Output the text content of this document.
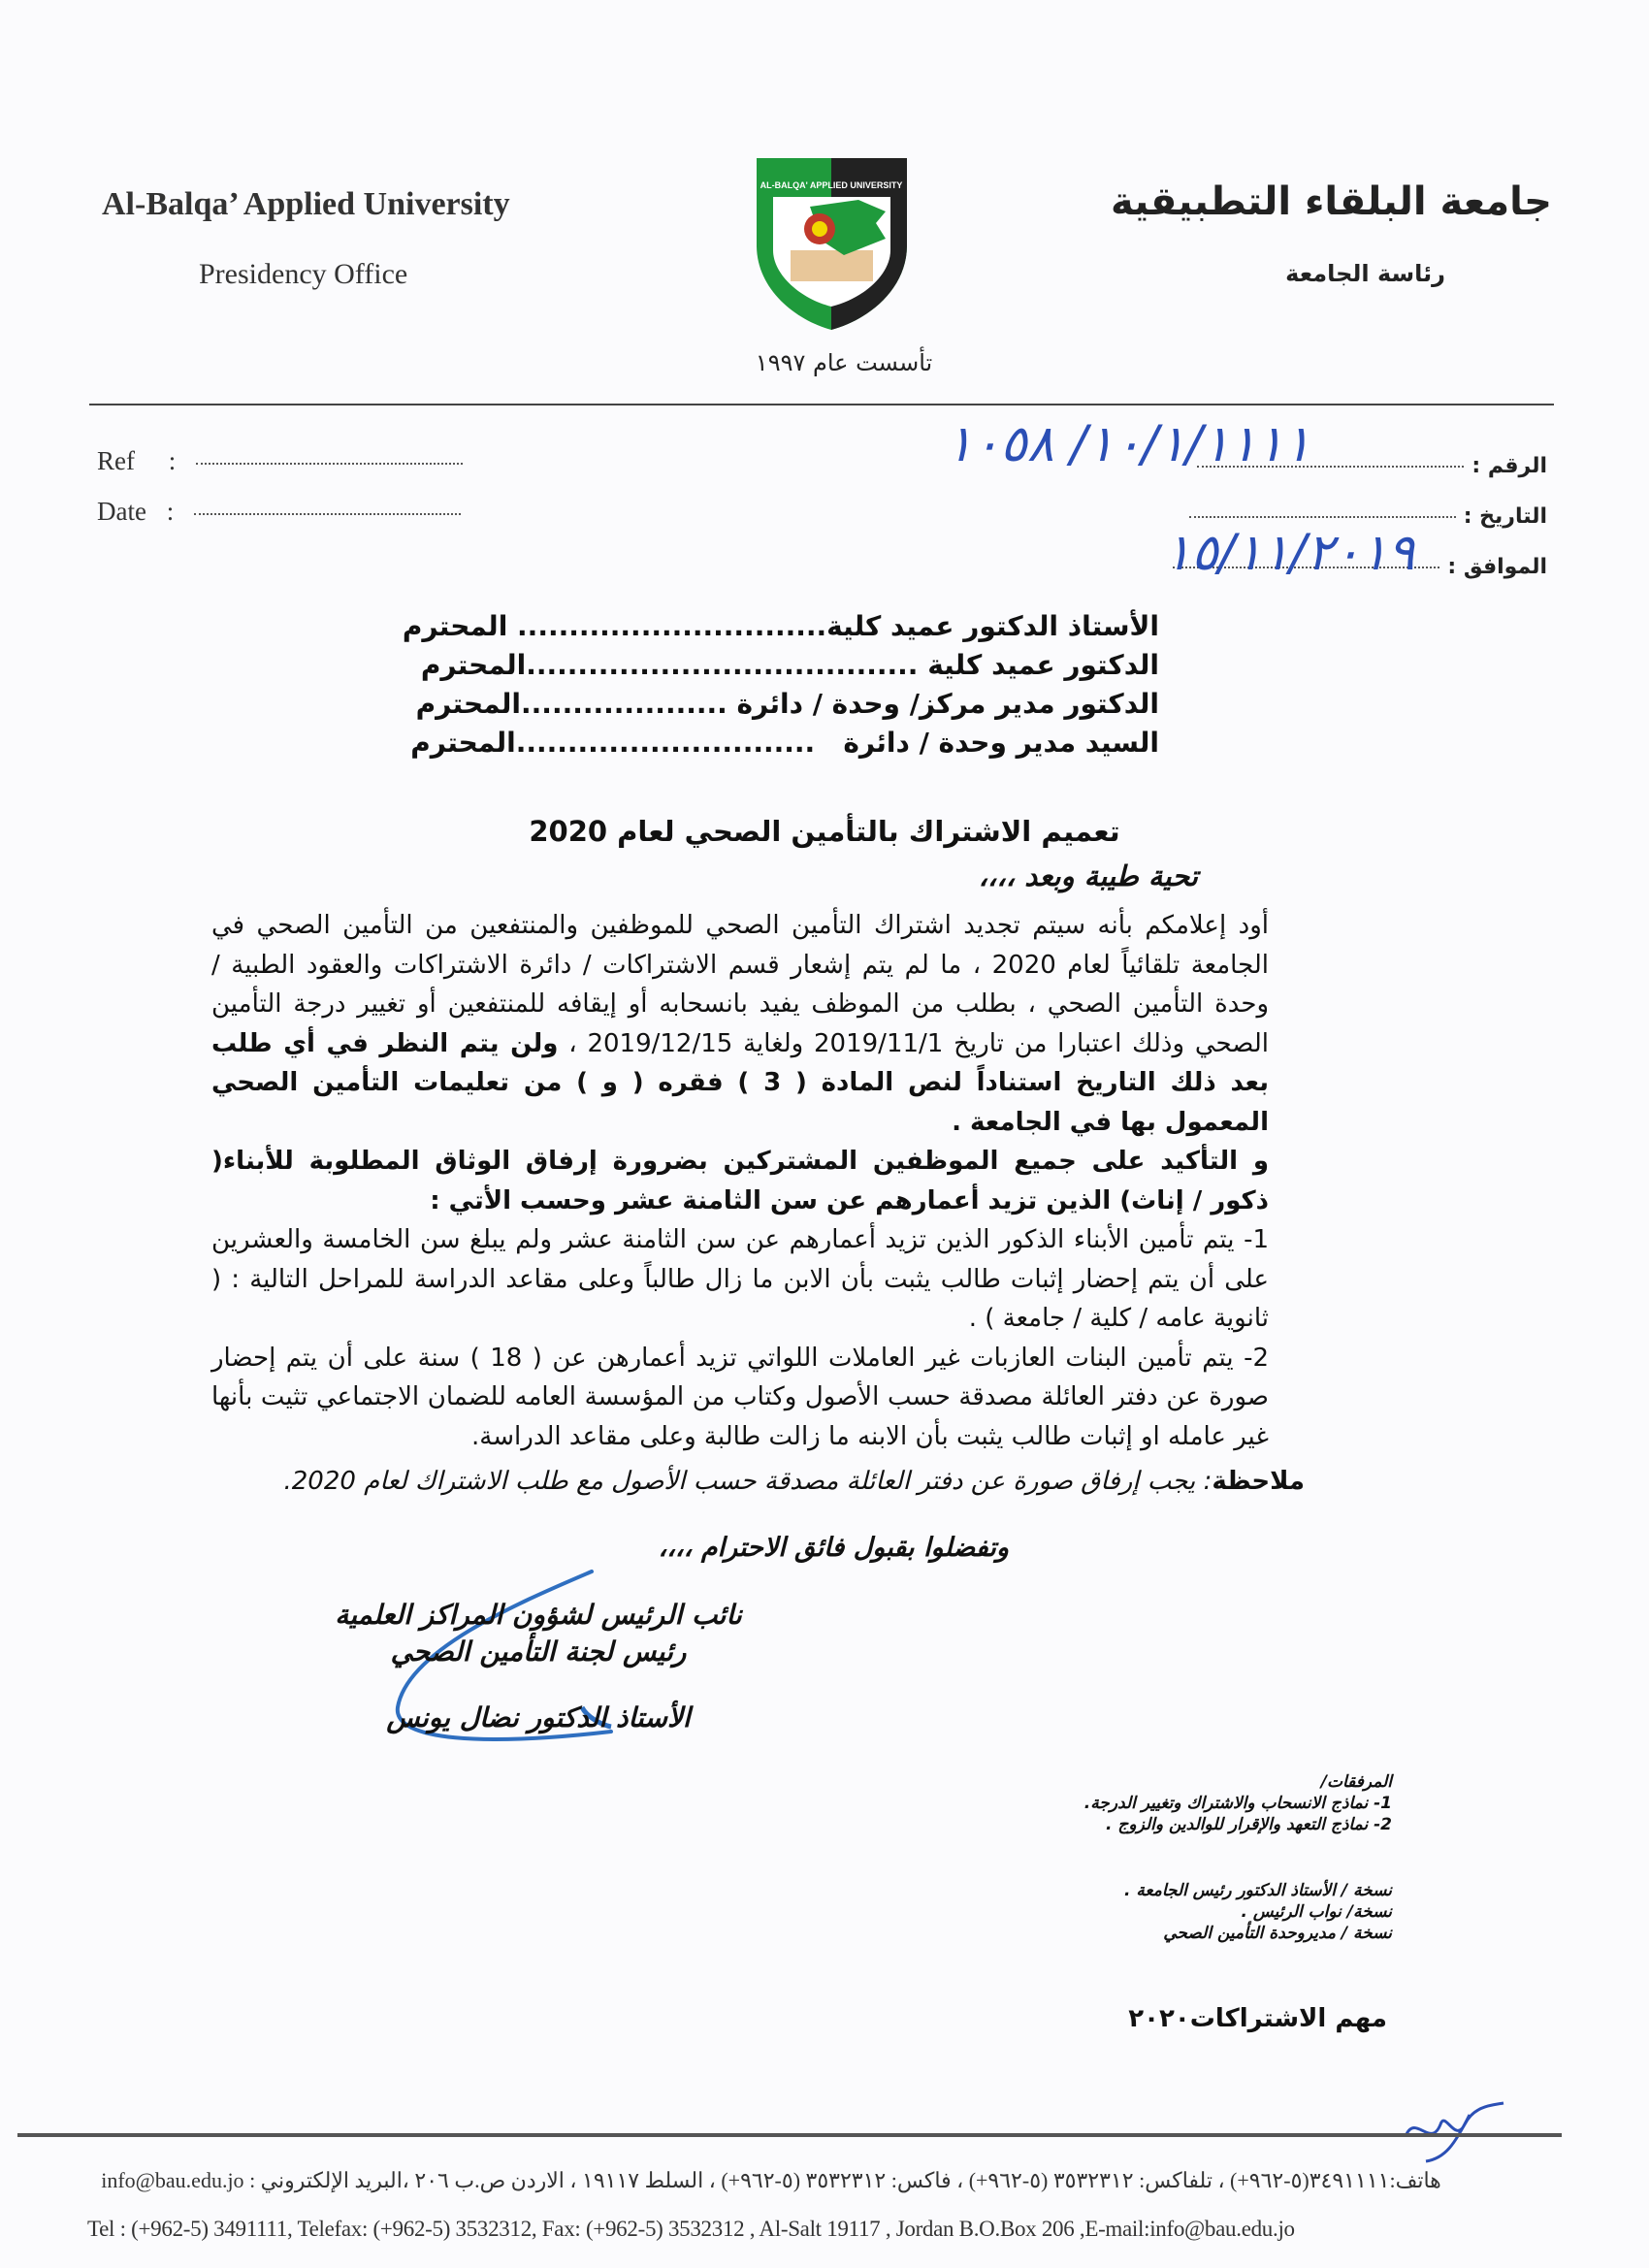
Al-Balqa’ Applied University
Presidency Office
جامعة البلقاء التطبيقية
رئاسة الجامعة
AL-BALQA' APPLIED UNIVERSITY
تأسست عام ١٩٩٧
Ref :
Date :
الرقم :
التاريخ :
الموافق :
١٠/١/١١١١/ ١٠٥٨
١٥/١١/٢٠١٩
الأستاذ الدكتور عميد كلية.............................. المحترم
الدكتور عميد كلية ......................................المحترم
الدكتور مدير مركز/ وحدة / دائرة ....................المحترم
السيد مدير وحدة / دائرة   .............................المحترم
تعميم الاشتراك بالتأمين الصحي لعام 2020
تحية طيبة وبعد ،،،،

أود إعلامكم بأنه سيتم تجديد اشتراك التأمين الصحي للموظفين والمنتفعين من التأمين الصحي في الجامعة تلقائياً لعام 2020 ، ما لم يتم إشعار قسم الاشتراكات / دائرة الاشتراكات والعقود الطبية / وحدة التأمين الصحي ، بطلب من الموظف يفيد بانسحابه أو إيقافه للمنتفعين أو تغيير درجة التأمين الصحي وذلك اعتبارا من تاريخ 2019/11/1 ولغاية 2019/12/15 ، ولن يتم النظر في أي طلب بعد ذلك التاريخ استناداً لنص المادة ( 3 ) فقره ( و ) من تعليمات التأمين الصحي المعمول بها في الجامعة .

و التأكيد على جميع الموظفين المشتركين بضرورة إرفاق الوثاق المطلوبة للأبناء( ذكور / إناث) الذين تزيد أعمارهم عن سن الثامنة عشر وحسب الأتي :

1- يتم تأمين الأبناء الذكور الذين تزيد أعمارهم عن سن الثامنة عشر ولم يبلغ سن الخامسة والعشرين على أن يتم إحضار إثبات طالب يثبت بأن الابن ما زال طالباً وعلى مقاعد الدراسة للمراحل التالية : ( ثانوية عامه / كلية / جامعة ) .

2- يتم تأمين البنات العازبات غير العاملات اللواتي تزيد أعمارهن عن ( 18 ) سنة على أن يتم إحضار صورة عن دفتر العائلة مصدقة حسب الأصول وكتاب من المؤسسة العامه للضمان الاجتماعي تثيت بأنها غير عامله او إثبات طالب يثبت بأن الابنه ما زالت طالبة وعلى مقاعد الدراسة.

ملاحظة: يجب إرفاق صورة عن دفتر العائلة مصدقة حسب الأصول مع طلب الاشتراك لعام 2020.
وتفضلوا بقبول فائق الاحترام ،،،،
نائب الرئيس لشؤون المراكز العلمية
رئيس لجنة التأمين الصحي
الأستاذ الدكتور نضال يونس
المرفقات/
1- نماذج الانسحاب والاشتراك وتغيير الدرجة.
2- نماذج التعهد والإقرار للوالدين والزوج .
نسخة / الأستاذ الدكتور رئيس الجامعة .
نسخة/ نواب الرئيس .
نسخة / مديروحدة التأمين الصحي
مهم الاشتراكات٢٠٢٠
هاتف:٣٤٩١١١١(٥-٩٦٢+) ، تلفاكس: ٣٥٣٢٣١٢ (٥-٩٦٢+) ، فاكس: ٣٥٣٢٣١٢ (٥-٩٦٢+) ، السلط ١٩١١٧ ، الاردن ص.ب ٢٠٦ ،البريد الإلكتروني : info@bau.edu.jo
Tel : (+962-5) 3491111, Telefax: (+962-5) 3532312, Fax: (+962-5) 3532312 , Al-Salt 19117 , Jordan B.O.Box 206 ,E-mail:info@bau.edu.jo
